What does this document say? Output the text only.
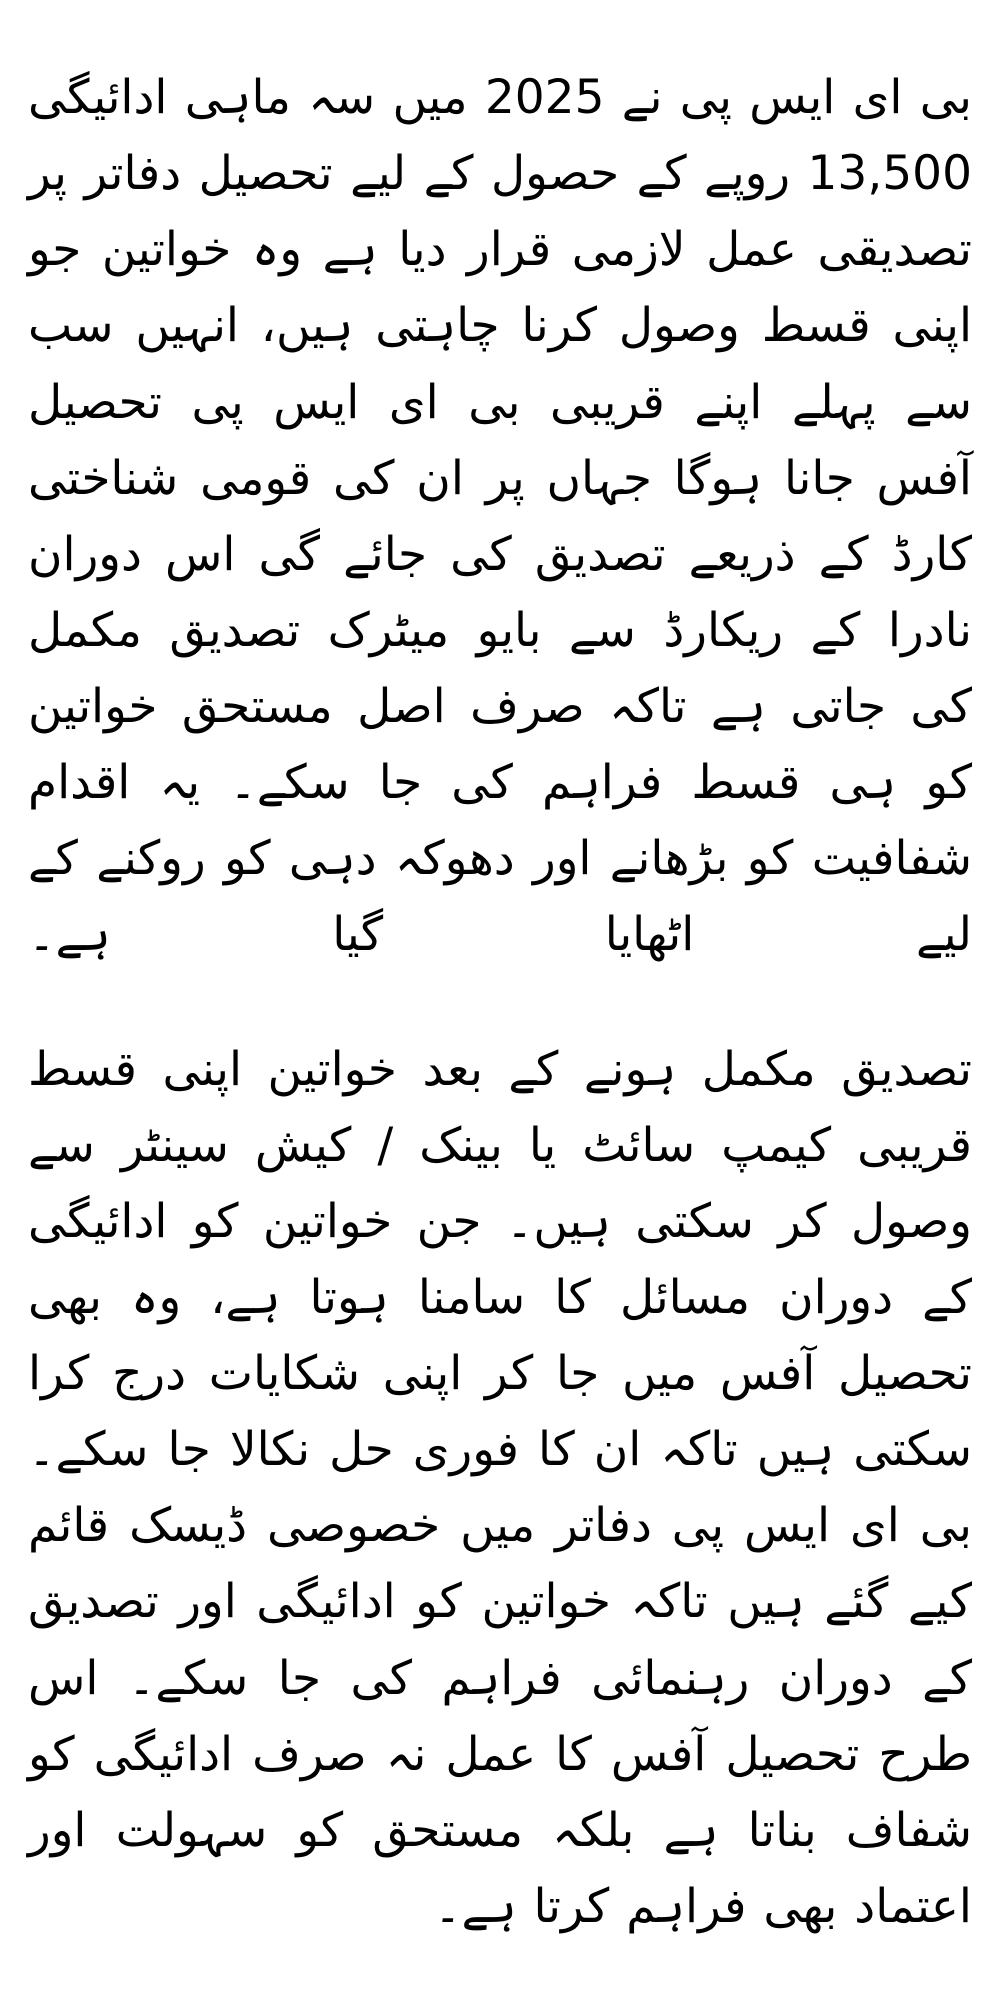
بی ای ایس پی نے 2025 میں سہ ماہی ادائیگی 13,500 روپے کے حصول کے لیے تحصیل دفاتر پر تصدیقی عمل لازمی قرار دیا ہے وہ خواتین جو اپنی قسط وصول کرنا چاہتی ہیں، انہیں سب سے پہلے اپنے قریبی بی ای ایس پی تحصیل آفس جانا ہوگا جہاں پر ان کی قومی شناختی کارڈ کے ذریعے تصدیق کی جائے گی اس دوران نادرا کے ریکارڈ سے بایو میٹرک تصدیق مکمل کی جاتی ہے تاکہ صرف اصل مستحق خواتین کو ہی قسط فراہم کی جا سکے۔ یہ اقدام شفافیت کو بڑھانے اور دھوکہ دہی کو روکنے کے لیے اٹھایا گیا ہے۔

تصدیق مکمل ہونے کے بعد خواتین اپنی قسط قریبی کیمپ سائٹ یا بینک / کیش سینٹر سے وصول کر سکتی ہیں۔ جن خواتین کو ادائیگی کے دوران مسائل کا سامنا ہوتا ہے، وہ بھی تحصیل آفس میں جا کر اپنی شکایات درج کرا سکتی ہیں تاکہ ان کا فوری حل نکالا جا سکے۔ بی ای ایس پی دفاتر میں خصوصی ڈیسک قائم کیے گئے ہیں تاکہ خواتین کو ادائیگی اور تصدیق کے دوران رہنمائی فراہم کی جا سکے۔ اس طرح تحصیل آفس کا عمل نہ صرف ادائیگی کو شفاف بناتا ہے بلکہ مستحق کو سہولت اور اعتماد بھی فراہم کرتا ہے۔
